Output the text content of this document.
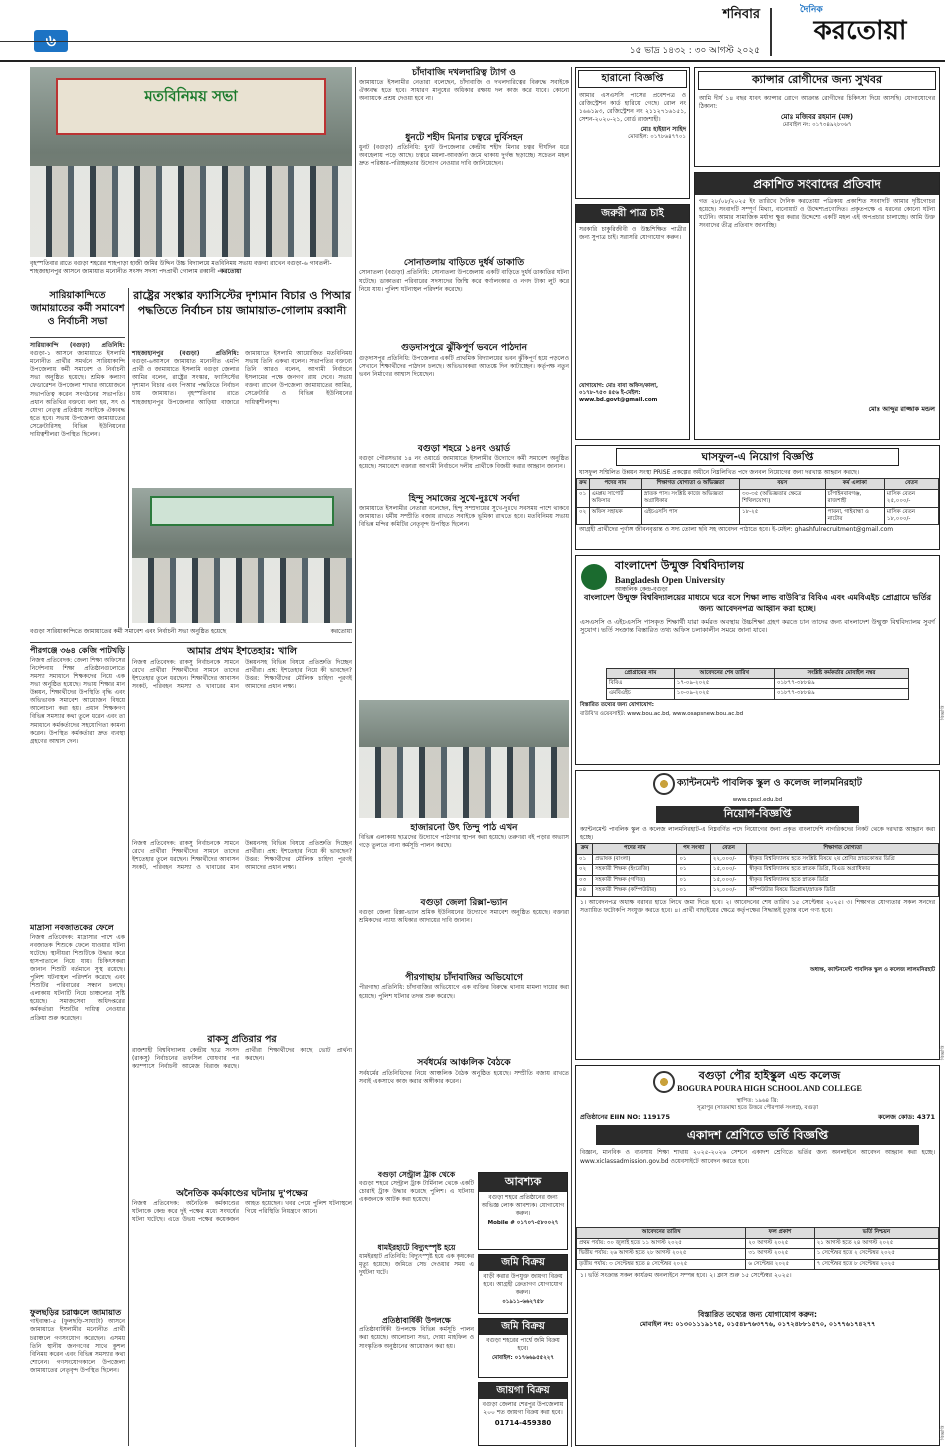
শনিবার
১৫ ভাদ্র ১৪৩২ : ৩০ আগস্ট ২০২৫
দৈনিক
করতোয়া
মতবিনিময় সভা
বৃহস্পতিবার রাতে বগুড়া শহরের শাহপাড়া হাজী জমির উদ্দিন উচ্চ বিদ্যালয়ে মতবিনিময় সভায় বক্তব্য রাখেন বগুড়া-৬ গাবতলী-শাহজাহানপুর আসনে জামায়াত মনোনীত সংসদ সদস্য পদপ্রার্থী গোলাম রব্বানী -করতোয়া
সারিয়াকান্দিতে জামায়াতের কর্মী সমাবেশ ও নির্বাচনী সভা
সারিয়াকান্দি (বগুড়া) প্রতিনিধি: বগুড়া-১ আসনে জামায়াতে ইসলামি মনোনীত প্রার্থীর সমর্থনে সারিয়াকান্দি উপজেলায় কর্মী সমাবেশ ও নির্বাচনী সভা অনুষ্ঠিত হয়েছে। শ্রমিক কল্যাণ ফেডারেশন উপজেলা শাখার আয়োজনে সভাপতিত্ব করেন সংগঠনের সভাপতি। প্রধান অতিথির বক্তব্যে বলা হয়, সৎ ও যোগ্য নেতৃত্ব প্রতিষ্ঠায় সবাইকে ঐক্যবদ্ধ হতে হবে। সভায় উপজেলা জামায়াতের সেক্রেটারিসহ বিভিন্ন ইউনিয়নের দায়িত্বশীলরা উপস্থিত ছিলেন।
রাষ্ট্রের সংস্কার ফ্যাসিস্টের দৃশ্যমান বিচার ও পিআর পদ্ধতিতে নির্বাচন চায় জামায়াত-গোলাম রব্বানী
শাহজাহানপুর (বগুড়া) প্রতিনিধি: বগুড়া-৬আসনে জামায়াত মনোনীত এমপি প্রার্থী ও জামায়াতে ইসলামি বগুড়া জেলার আমির বলেন, রাষ্ট্রের সংস্কার, ফ্যাসিস্টের দৃশ্যমান বিচার এবং পিআর পদ্ধতিতে নির্বাচন চায় জামায়াত। বৃহস্পতিবার রাতে শাহজাহানপুর উপজেলার আড়িয়া বাজারে জামায়াতে ইসলামি আয়োজিত মতবিনিময় সভায় তিনি একথা বলেন। সভাপতির বক্তব্যে তিনি আরও বলেন, আগামী নির্বাচনে ইসলামের পক্ষে জনগণ রায় দেবে। সভায় বক্তব্য রাখেন উপজেলা জামায়াতের আমির, সেক্রেটারি ও বিভিন্ন ইউনিয়নের দায়িত্বশীলবৃন্দ।
বগুড়া সারিয়াকান্দিতে জামায়াতের কর্মী সমাবেশ এবং নির্বাচনী সভা অনুষ্ঠিত হয়েছে	করতোয়া
পীরগঞ্জে ৩৬৪ কেজি পাটখড়ি
নিজস্ব প্রতিবেদক: জেলা শিক্ষা অফিসের নির্দেশনায় শিক্ষা প্রতিষ্ঠানগুলোতে সমস্যা সমাধানে শিক্ষকদের নিয়ে এক সভা অনুষ্ঠিত হয়েছে। সভায় শিক্ষার মান উন্নয়ন, শিক্ষার্থীদের উপস্থিতি বৃদ্ধি এবং অভিভাবক সমাবেশ আয়োজন বিষয়ে আলোচনা করা হয়। প্রধান শিক্ষকগণ বিভিন্ন সমস্যার কথা তুলে ধরেন এবং তা সমাধানে কর্মকর্তাদের সহযোগিতা কামনা করেন। উপস্থিত কর্মকর্তারা দ্রুত ব্যবস্থা গ্রহণের আশ্বাস দেন।
মাদ্রাসা নবজাতকের ফেলে
নিজস্ব প্রতিবেদক: মাদ্রাসার পাশে এক নবজাতক শিশুকে ফেলে যাওয়ার ঘটনা ঘটেছে। স্থানীয়রা শিশুটিকে উদ্ধার করে হাসপাতালে নিয়ে যায়। চিকিৎসকরা জানান শিশুটি বর্তমানে সুস্থ রয়েছে। পুলিশ ঘটনাস্থল পরিদর্শন করেছে এবং শিশুটির পরিবারের সন্ধান চলছে। এলাকায় ঘটনাটি নিয়ে চাঞ্চল্যের সৃষ্টি হয়েছে। সমাজসেবা অধিদপ্তরের কর্মকর্তারা শিশুটির দায়িত্ব নেওয়ার প্রক্রিয়া শুরু করেছেন।
ফুলছড়ির চরাঞ্চলে জামায়াত
গাইবান্ধা-৫ (ফুলছড়ি-সাঘাটা) আসনে জামায়াতে ইসলামীর মনোনীত প্রার্থী চরাঞ্চলে গণসংযোগ করেছেন। এসময় তিনি স্থানীয় জনগণের সাথে কুশল বিনিময় করেন এবং বিভিন্ন সমস্যার কথা শোনেন। গণসংযোগকালে উপজেলা জামায়াতের নেতৃবৃন্দ উপস্থিত ছিলেন।
আমার প্রথম ইশতেহার: খালি
নিজস্ব প্রতিবেদক: রাকসু নির্বাচনকে সামনে রেখে প্রার্থীরা শিক্ষার্থীদের সামনে তাদের ইশতেহার তুলে ধরছেন। শিক্ষার্থীদের আবাসন সংকট, পরিবহন সমস্যা ও খাবারের মান উন্নয়নসহ বিভিন্ন বিষয়ে প্রতিশ্রুতি দিচ্ছেন প্রার্থীরা। প্রশ্ন: ইশতেহার নিয়ে কী ভাবছেন? উত্তর: শিক্ষার্থীদের মৌলিক চাহিদা পূরণই আমাদের প্রধান লক্ষ্য।
নিজস্ব প্রতিবেদক: রাকসু নির্বাচনকে সামনে রেখে প্রার্থীরা শিক্ষার্থীদের সামনে তাদের ইশতেহার তুলে ধরছেন। শিক্ষার্থীদের আবাসন সংকট, পরিবহন সমস্যা ও খাবারের মান উন্নয়নসহ বিভিন্ন বিষয়ে প্রতিশ্রুতি দিচ্ছেন প্রার্থীরা। প্রশ্ন: ইশতেহার নিয়ে কী ভাবছেন? উত্তর: শিক্ষার্থীদের মৌলিক চাহিদা পূরণই আমাদের প্রধান লক্ষ্য।
রাকসু প্রতিরার পর
রাজশাহী বিশ্ববিদ্যালয় কেন্দ্রীয় ছাত্র সংসদ (রাকসু) নির্বাচনের তফসিল ঘোষণার পর ক্যাম্পাসে নির্বাচনী আমেজ বিরাজ করছে। প্রার্থীরা শিক্ষার্থীদের কাছে ভোট প্রার্থনা করছেন।
অনৈতিক কর্মকাণ্ডের ঘটনায় দু'পক্ষের
নিজস্ব প্রতিবেদক: অনৈতিক কর্মকাণ্ডের ঘটনাকে কেন্দ্র করে দুই পক্ষের মধ্যে সংঘর্ষের ঘটনা ঘটেছে। এতে উভয় পক্ষের কয়েকজন আহত হয়েছেন। খবর পেয়ে পুলিশ ঘটনাস্থলে গিয়ে পরিস্থিতি নিয়ন্ত্রণে আনে।
চাঁদাবাজি দখলদারিত্ব ট্যাগ ও
জামায়াতে ইসলামীর নেতারা বলেছেন, চাঁদাবাজি ও দখলদারিত্বের বিরুদ্ধে সবাইকে ঐক্যবদ্ধ হতে হবে। সাধারণ মানুষের অধিকার রক্ষায় দল কাজ করে যাবে। কোনো অন্যায়কে প্রশ্রয় দেওয়া হবে না।
ধুনটে শহীদ মিনার চত্বরে দুর্বিসহন
ধুনট (বগুড়া) প্রতিনিধি: ধুনট উপজেলার কেন্দ্রীয় শহীদ মিনার চত্বর দীর্ঘদিন ধরে অবহেলায় পড়ে আছে। চত্বরে ময়লা-আবর্জনা জমে থাকায় দুর্গন্ধ ছড়াচ্ছে। সচেতন মহল দ্রুত পরিষ্কার-পরিচ্ছন্নতার উদ্যোগ নেওয়ার দাবি জানিয়েছেন।
সোনাতলায় বাড়িতে দুর্ধর্ষ ডাকাতি
সোনাতলা (বগুড়া) প্রতিনিধি: সোনাতলা উপজেলায় একটি বাড়িতে দুর্ধর্ষ ডাকাতির ঘটনা ঘটেছে। ডাকাতরা পরিবারের সদস্যদের জিম্মি করে স্বর্ণালংকার ও নগদ টাকা লুট করে নিয়ে যায়। পুলিশ ঘটনাস্থল পরিদর্শন করেছে।
গুড়দাসপুরে ঝুঁকিপূর্ণ ভবনে পাঠদান
গুড়দাসপুর প্রতিনিধি: উপজেলার একটি প্রাথমিক বিদ্যালয়ের ভবন ঝুঁকিপূর্ণ হয়ে পড়লেও সেখানে শিক্ষার্থীদের পাঠদান চলছে। অভিভাবকরা আতঙ্কে দিন কাটাচ্ছেন। কর্তৃপক্ষ নতুন ভবন নির্মাণের আশ্বাস দিয়েছেন।
বগুড়া শহরে ১৪নং ওয়ার্ড
বগুড়া পৌরসভার ১৪ নং ওয়ার্ডে জামায়াতে ইসলামীর উদ্যোগে কর্মী সমাবেশ অনুষ্ঠিত হয়েছে। সমাবেশে বক্তারা আগামী নির্বাচনে দলীয় প্রার্থীকে বিজয়ী করার আহ্বান জানান।
হিন্দু সমাজের সুখে-দুঃখে সর্বদা
জামায়াতে ইসলামীর নেতারা বলেছেন, হিন্দু সম্প্রদায়ের সুখে-দুঃখে সবসময় পাশে থাকবে জামায়াত। ধর্মীয় সম্প্রীতি বজায় রাখতে সবাইকে ভূমিকা রাখতে হবে। মতবিনিময় সভায় বিভিন্ন মন্দির কমিটির নেতৃবৃন্দ উপস্থিত ছিলেন।
হাজারনো উৎ তিন্দু পাঠ এখন
বিভিন্ন এলাকায় ছাত্রদের উদ্যোগে পাঠাগার স্থাপন করা হয়েছে। তরুণরা বই পড়ার অভ্যাস গড়ে তুলতে নানা কর্মসূচি পালন করছে।
বগুড়া জেলা রিক্সা-ভ্যান
বগুড়া জেলা রিক্সা-ভ্যান শ্রমিক ইউনিয়নের উদ্যোগে সমাবেশ অনুষ্ঠিত হয়েছে। বক্তারা শ্রমিকদের ন্যায্য অধিকার আদায়ের দাবি জানান।
পীরগাছায় চাঁদাবাজির অভিযোগে
পীরগাছা প্রতিনিধি: চাঁদাবাজির অভিযোগে এক ব্যক্তির বিরুদ্ধে থানায় মামলা দায়ের করা হয়েছে। পুলিশ ঘটনার তদন্ত শুরু করেছে।
সর্বধর্মের আঞ্চলিক বৈঠকে
সর্বধর্মের প্রতিনিধিদের নিয়ে আঞ্চলিক বৈঠক অনুষ্ঠিত হয়েছে। সম্প্রীতি বজায় রাখতে সবাই একসাথে কাজ করার অঙ্গীকার করেন।
বগুড়া সেন্ট্রাল ট্রাক থেকে
বগুড়া শহরে সেন্ট্রাল ট্রাক টার্মিনাল থেকে একটি চোরাই ট্রাক উদ্ধার করেছে পুলিশ। এ ঘটনায় একজনকে আটক করা হয়েছে।
ধামইরহাটে বিদ্যুৎস্পৃষ্ট হয়ে
ধামইরহাট প্রতিনিধি: বিদ্যুৎস্পৃষ্ট হয়ে এক কৃষকের মৃত্যু হয়েছে। জমিতে সেচ দেওয়ার সময় এ দুর্ঘটনা ঘটে।
প্রতিষ্ঠাবার্ষিকী উপলক্ষে
প্রতিষ্ঠাবার্ষিকী উপলক্ষে বিভিন্ন কর্মসূচি পালন করা হয়েছে। আলোচনা সভা, দোয়া মাহফিল ও সাংস্কৃতিক অনুষ্ঠানের আয়োজন করা হয়।
আবশ্যক
বগুড়া শহরে প্রতিষ্ঠানের জন্য অভিজ্ঞ লোক আবশ্যক। যোগাযোগ করুন।
Mobile # ০১৭০৭-৫৮০০২৭
জমি বিক্রয়
বাড়ী করার উপযুক্ত জায়গা বিক্রয় হবে। আগ্রহী ক্রেতাগণ যোগাযোগ করুন।
০১৯১১-৬৬২৭৫৮
জমি বিক্রয়
বগুড়া শহরের পার্শ্বে জমি বিক্রয় হবে।
মোবাইল: ০১৭৬৬৯৫৫২২৭
জায়গা বিক্রয়
বগুড়া জেলার শেরপুর উপজেলায় ২০০ শত জায়গা বিক্রয় করা হবে।
01714-459380
হারানো বিজ্ঞপ্তি
আমার এসএসসি পাসের প্রবেশপত্র ও রেজিস্ট্রেশন কার্ড হারিয়ে গেছে। রোল নং ১৬৬১৯৩, রেজিস্ট্রেশন নং ২১১২৭১৬১৫১, সেশন-২০২০-২১, বোর্ড রাজশাহী।
মোঃ হাইয়ান সাহিদ
মোবাইল: ০১৭৮৬৪৭৭০১
ক্যান্সার রোগীদের জন্য সুখবর
আমি দীর্ঘ ১৪ বছর যাবৎ ক্যান্সার রোগে আক্রান্ত রোগীদের চিকিৎসা দিয়ে আসছি। যোগাযোগের ঠিকানা:
মোঃ মজিবর রহমান (মঙ্গ)
মোবাইল নং: ০১৭৩৪৯২৮০৬৭
প্রকাশিত সংবাদের প্রতিবাদ
গত ২৮/০৮/২০২৫ ইং তারিখে দৈনিক করতোয়া পত্রিকায় প্রকাশিত সংবাদটি আমার দৃষ্টিগোচর হয়েছে। সংবাদটি সম্পূর্ণ মিথ্যা, বানোয়াট ও উদ্দেশ্যপ্রণোদিত। প্রকৃতপক্ষে এ ধরনের কোনো ঘটনা ঘটেনি। আমার সামাজিক মর্যাদা ক্ষুণ্ণ করার উদ্দেশ্যে একটি মহল এই অপপ্রচার চালাচ্ছে। আমি উক্ত সংবাদের তীব্র প্রতিবাদ জানাচ্ছি।
মোঃ আব্দুর রাজ্জাক মন্ডল
জরুরী পাত্র চাই
সরকারি চাকুরিজীবী ও উচ্চশিক্ষিত পাত্রীর জন্য সুপাত্র চাই। সরাসরি যোগাযোগ করুন।
যোগাযোগ: মোঃ বাবা অফিস/কালা, ০১৭৮-৭৫৩ ৪৫৬ ই-মেইল: www.bd.govt@gmail.com
ঘাসফুল-এ নিয়োগ বিজ্ঞপ্তি
ঘাসফুল সম্মিলিত উন্নয়ন সংস্থা PRISE প্রকল্পের অধীনে নিম্নলিখিত পদে জনবল নিয়োগের জন্য দরখাস্ত আহ্বান করছে।
ক্রম	পদের নাম	শিক্ষাগত যোগ্যতা ও অভিজ্ঞতা	বয়স	কর্ম এলাকা	বেতন
০১	এমপ্লয় সাপোর্ট অফিসার	স্নাতক পাস। সংশ্লিষ্ট কাজে অভিজ্ঞতা অগ্রাধিকার	৩০-৩৫ (অভিজ্ঞতার ক্ষেত্রে শিথিলযোগ্য)	চাঁপাইনবাবগঞ্জ, রাজশাহী	মাসিক বেতন ২৫,০০০/-
০২	অফিস সহায়ক	এইচএসসি পাস	১৮-২৫	পাবনা, গাইবান্ধা ও নাটোর	মাসিক বেতন ১৮,০০০/-
আগ্রহী প্রার্থীদের পূর্ণাঙ্গ জীবনবৃত্তান্ত ও সদ্য তোলা ছবি সহ আবেদন পাঠাতে হবে। ই-মেইল: ghashfulrecruitment@gmail.com

বাংলাদেশ উন্মুক্ত বিশ্ববিদ্যালয়
Bangladesh Open University
আঞ্চলিক কেন্দ্র-বগুড়া
বাংলাদেশ উন্মুক্ত বিশ্ববিদ্যালয়ের মাধ্যমে ঘরে বসে শিক্ষা লাভ বাউবি'র বিবিএ এবং এমবিএইচ প্রোগ্রামে ভর্তির জন্য আবেদনপত্র আহ্বান করা হচ্ছে।
এসএসসি ও এইচএসসি পাসকৃত শিক্ষার্থী যারা কর্মরত অবস্থায় উচ্চশিক্ষা গ্রহণ করতে চান তাদের জন্য বাংলাদেশ উন্মুক্ত বিশ্ববিদ্যালয় সুবর্ণ সুযোগ। ভর্তি সংক্রান্ত বিস্তারিত তথ্য অফিস চলাকালীন সময়ে জানা যাবে।
প্রোগ্রামের নাম	আবেদনের শেষ তারিখ	সংশ্লিষ্ট কর্মকর্তার মোবাইল নম্বর
বিবিএ	১৭-০৯-২০২৫	০১৮৭৭-৩৮৮৪৯
এমবিএইচ	১০-০৯-২০২৫	০১৮৭৭-৩৮৮৪৯
বিস্তারিত তথ্যের জন্য যোগাযোগ:
বাউবি'র ওয়েবসাইট: www.bou.ac.bd, www.osapsnew.bou.ac.bd
ক্যান্টনমেন্ট পাবলিক স্কুল ও কলেজ লালমনিরহাট
www.cpscl.edu.bd
নিয়োগ-বিজ্ঞপ্তি
ক্যান্টনমেন্ট পাবলিক স্কুল ও কলেজ লালমনিরহাট-এ নিম্নবর্ণিত পদে নিয়োগের জন্য প্রকৃত বাংলাদেশি নাগরিকদের নিকট থেকে দরখাস্ত আহ্বান করা হচ্ছে।
ক্রম	পদের নাম	পদ সংখ্যা	বেতন	শিক্ষাগত যোগ্যতা
০১	প্রভাষক (বাংলা)	০১	২২,০০০/-	স্বীকৃত বিশ্ববিদ্যালয় হতে সংশ্লিষ্ট বিষয়ে ২য় শ্রেণির স্নাতকোত্তর ডিগ্রি
০২	সহকারী শিক্ষক (ইংরেজি)	০১	১৫,০০০/-	স্বীকৃত বিশ্ববিদ্যালয় হতে স্নাতক ডিগ্রি, বিএড অগ্রাধিকার
০৩	সহকারী শিক্ষক (গণিত)	০১	১৫,০০০/-	স্বীকৃত বিশ্ববিদ্যালয় হতে স্নাতক ডিগ্রি
০৪	সহকারী শিক্ষক (কম্পিউটার)	০১	১২,০০০/-	কম্পিউটার বিষয়ে ডিপ্লোমা/স্নাতক ডিগ্রি
১। আবেদনপত্র অধ্যক্ষ বরাবর হাতে লিখে জমা দিতে হবে। ২। আবেদনের শেষ তারিখ ১৫ সেপ্টেম্বর ২০২৫। ৩। শিক্ষাগত যোগ্যতার সকল সনদের সত্যায়িত ফটোকপি সংযুক্ত করতে হবে। ৪। প্রার্থী বাছাইয়ের ক্ষেত্রে কর্তৃপক্ষের সিদ্ধান্তই চূড়ান্ত বলে গণ্য হবে।
অধ্যক্ষ, ক্যান্টনমেন্ট পাবলিক স্কুল ও কলেজ লালমনিরহাট

বগুড়া পৌর হাইস্কুল এন্ড কলেজ
BOGURA POURA HIGH SCHOOL AND COLLEGE
স্থাপিত: ১৯৬৪ খ্রি:
সূত্রাপুর (সাতমাথা হতে উত্তরে পৌরপার্ক সংলগ্ন), বগুড়া
প্রতিষ্ঠানের EIIN NO: 119175	কলেজ কোড: 4371
একাদশ শ্রেণিতে ভর্তি বিজ্ঞপ্তি
বিজ্ঞান, মানবিক ও ব্যবসায় শিক্ষা শাখায় ২০২৫-২০২৬ সেশনে একাদশ শ্রেণিতে ভর্তির জন্য অনলাইনে আবেদন আহ্বান করা হচ্ছে। www.xiclassadmission.gov.bd ওয়েবসাইটে আবেদন করতে হবে।
আবেদনের তারিখ	ফল প্রকাশ	ভর্তি নিশ্চয়ন
প্রথম পর্যায়: ৩০ জুলাই হতে ১১ আগস্ট ২০২৫	২০ আগস্ট ২০২৫	২১ আগস্ট হতে ২৪ আগস্ট ২০২৫
দ্বিতীয় পর্যায়: ২৬ আগস্ট হতে ২৮ আগস্ট ২০২৫	৩১ আগস্ট ২০২৫	১ সেপ্টেম্বর হতে ২ সেপ্টেম্বর ২০২৫
তৃতীয় পর্যায়: ৩ সেপ্টেম্বর হতে ৪ সেপ্টেম্বর ২০২৫	৬ সেপ্টেম্বর ২০২৫	৭ সেপ্টেম্বর হতে ৮ সেপ্টেম্বর ২০২৫
১। ভর্তি সংক্রান্ত সকল কার্যক্রম অনলাইনে সম্পন্ন হবে। ২। ক্লাস শুরু ১৫ সেপ্টেম্বর ২০২৫।
বিস্তারিত তথ্যের জন্য যোগাযোগ করুন:
মোবাইল নং: ০১৩০১১১৯১৭৫, ০১৫৪৮৭৬৩৭৭৬, ০১৭২৪৮৮১৫৭০, ০১৭৭৬১৭৪২৭৭
বিজ্ঞপ্তি
বিজ্ঞপ্তি
বিজ্ঞপ্তি
